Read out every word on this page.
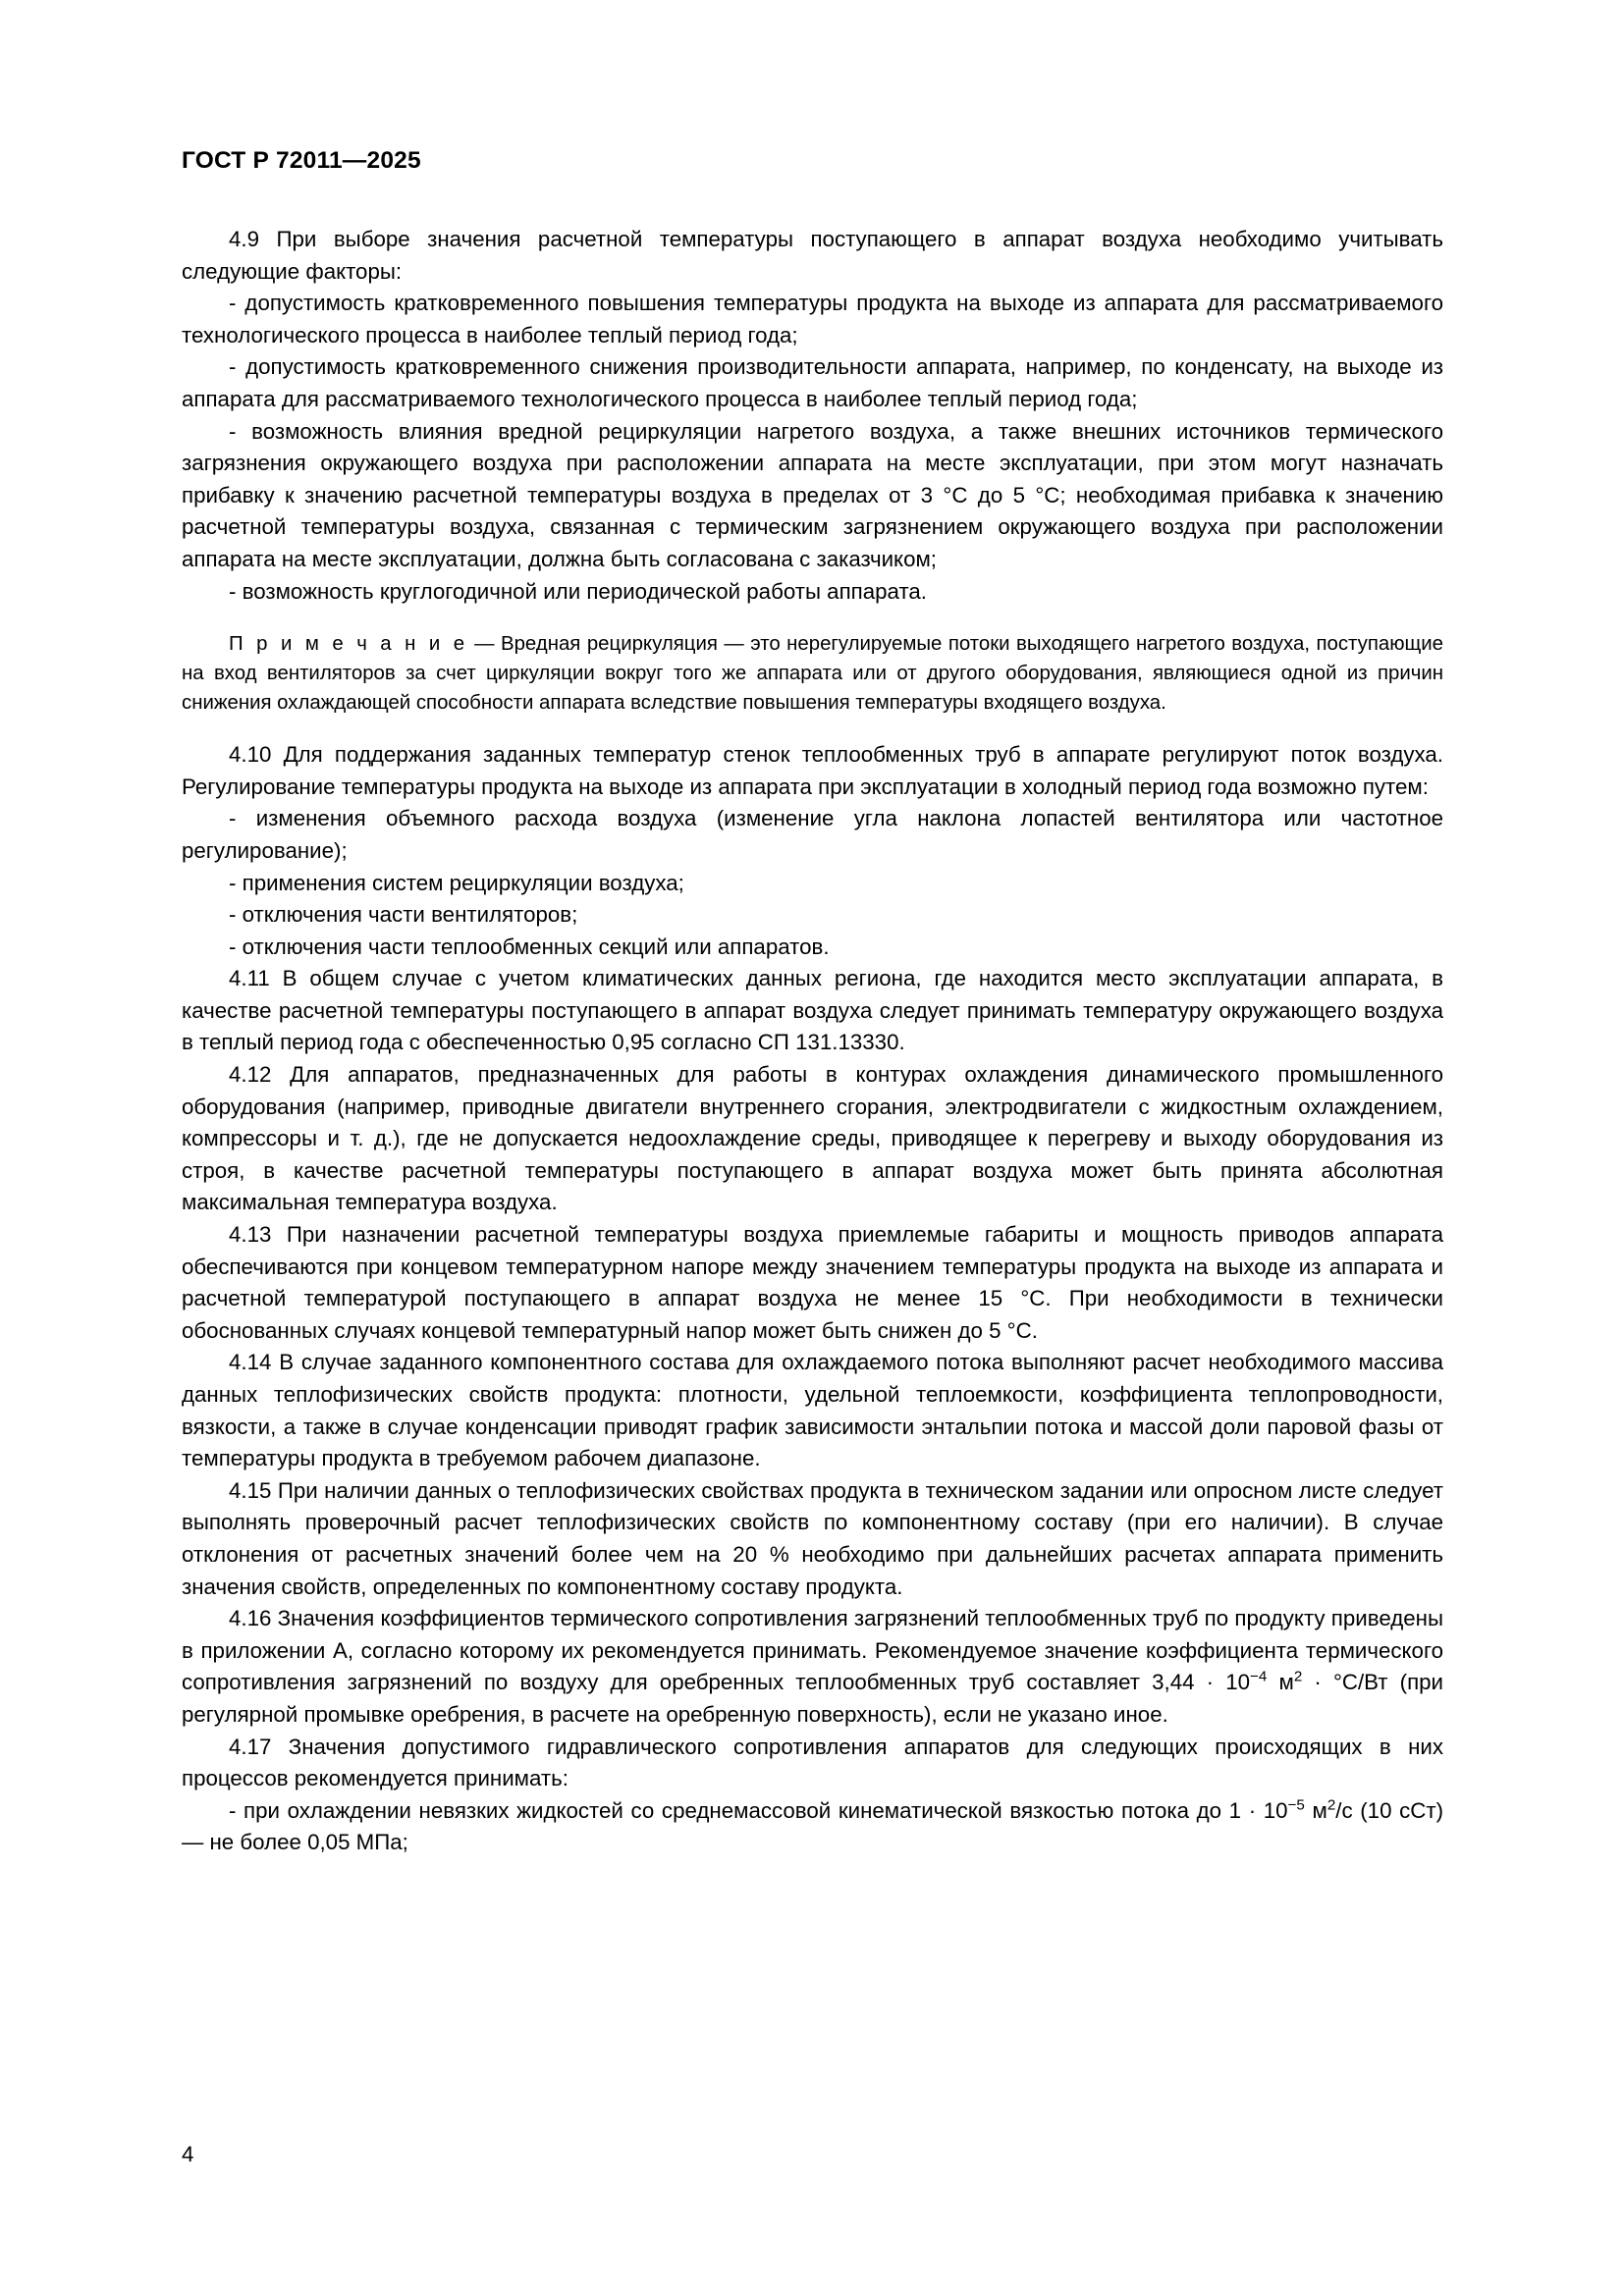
ГОСТ Р 72011—2025

4.9 При выборе значения расчетной температуры поступающего в аппарат воздуха необходимо учитывать следующие факторы:

- допустимость кратковременного повышения температуры продукта на выходе из аппарата для рассматриваемого технологического процесса в наиболее теплый период года;

- допустимость кратковременного снижения производительности аппарата, например, по конденсату, на выходе из аппарата для рассматриваемого технологического процесса в наиболее теплый период года;

- возможность влияния вредной рециркуляции нагретого воздуха, а также внешних источников термического загрязнения окружающего воздуха при расположении аппарата на месте эксплуатации, при этом могут назначать прибавку к значению расчетной температуры воздуха в пределах от 3 °С до 5 °С; необходимая прибавка к значению расчетной температуры воздуха, связанная с термическим загрязнением окружающего воздуха при расположении аппарата на месте эксплуатации, должна быть согласована с заказчиком;

- возможность круглогодичной или периодической работы аппарата.

П р и м е ч а н и е — Вредная рециркуляция — это нерегулируемые потоки выходящего нагретого воздуха, поступающие на вход вентиляторов за счет циркуляции вокруг того же аппарата или от другого оборудования, являющиеся одной из причин снижения охлаждающей способности аппарата вследствие повышения температуры входящего воздуха.

4.10 Для поддержания заданных температур стенок теплообменных труб в аппарате регулируют поток воздуха. Регулирование температуры продукта на выходе из аппарата при эксплуатации в холодный период года возможно путем:

- изменения объемного расхода воздуха (изменение угла наклона лопастей вентилятора или частотное регулирование);

- применения систем рециркуляции воздуха;

- отключения части вентиляторов;

- отключения части теплообменных секций или аппаратов.

4.11 В общем случае с учетом климатических данных региона, где находится место эксплуатации аппарата, в качестве расчетной температуры поступающего в аппарат воздуха следует принимать температуру окружающего воздуха в теплый период года с обеспеченностью 0,95 согласно СП 131.13330.

4.12 Для аппаратов, предназначенных для работы в контурах охлаждения динамического промышленного оборудования (например, приводные двигатели внутреннего сгорания, электродвигатели с жидкостным охлаждением, компрессоры и т. д.), где не допускается недоохлаждение среды, приводящее к перегреву и выходу оборудования из строя, в качестве расчетной температуры поступающего в аппарат воздуха может быть принята абсолютная максимальная температура воздуха.

4.13 При назначении расчетной температуры воздуха приемлемые габариты и мощность приводов аппарата обеспечиваются при концевом температурном напоре между значением температуры продукта на выходе из аппарата и расчетной температурой поступающего в аппарат воздуха не менее 15 °С. При необходимости в технически обоснованных случаях концевой температурный напор может быть снижен до 5 °С.

4.14 В случае заданного компонентного состава для охлаждаемого потока выполняют расчет необходимого массива данных теплофизических свойств продукта: плотности, удельной теплоемкости, коэффициента теплопроводности, вязкости, а также в случае конденсации приводят график зависимости энтальпии потока и массой доли паровой фазы от температуры продукта в требуемом рабочем диапазоне.

4.15 При наличии данных о теплофизических свойствах продукта в техническом задании или опросном листе следует выполнять проверочный расчет теплофизических свойств по компонентному составу (при его наличии). В случае отклонения от расчетных значений более чем на 20 % необходимо при дальнейших расчетах аппарата применить значения свойств, определенных по компонентному составу продукта.

4.16 Значения коэффициентов термического сопротивления загрязнений теплообменных труб по продукту приведены в приложении А, согласно которому их рекомендуется принимать. Рекомендуемое значение коэффициента термического сопротивления загрязнений по воздуху для оребренных теплообменных труб составляет $3,44 \cdot 10^{-4}$ $м^2 \cdot ^\circ С/Вт$ (при регулярной промывке оребрения, в расчете на оребренную поверхность), если не указано иное.

4.17 Значения допустимого гидравлического сопротивления аппаратов для следующих происходящих в них процессов рекомендуется принимать:

- при охлаждении невязких жидкостей со среднемассовой кинематической вязкостью потока до $1 \cdot 10^{-5}$ $м^2/с$ (10 сСт) — не более 0,05 МПа;

4
